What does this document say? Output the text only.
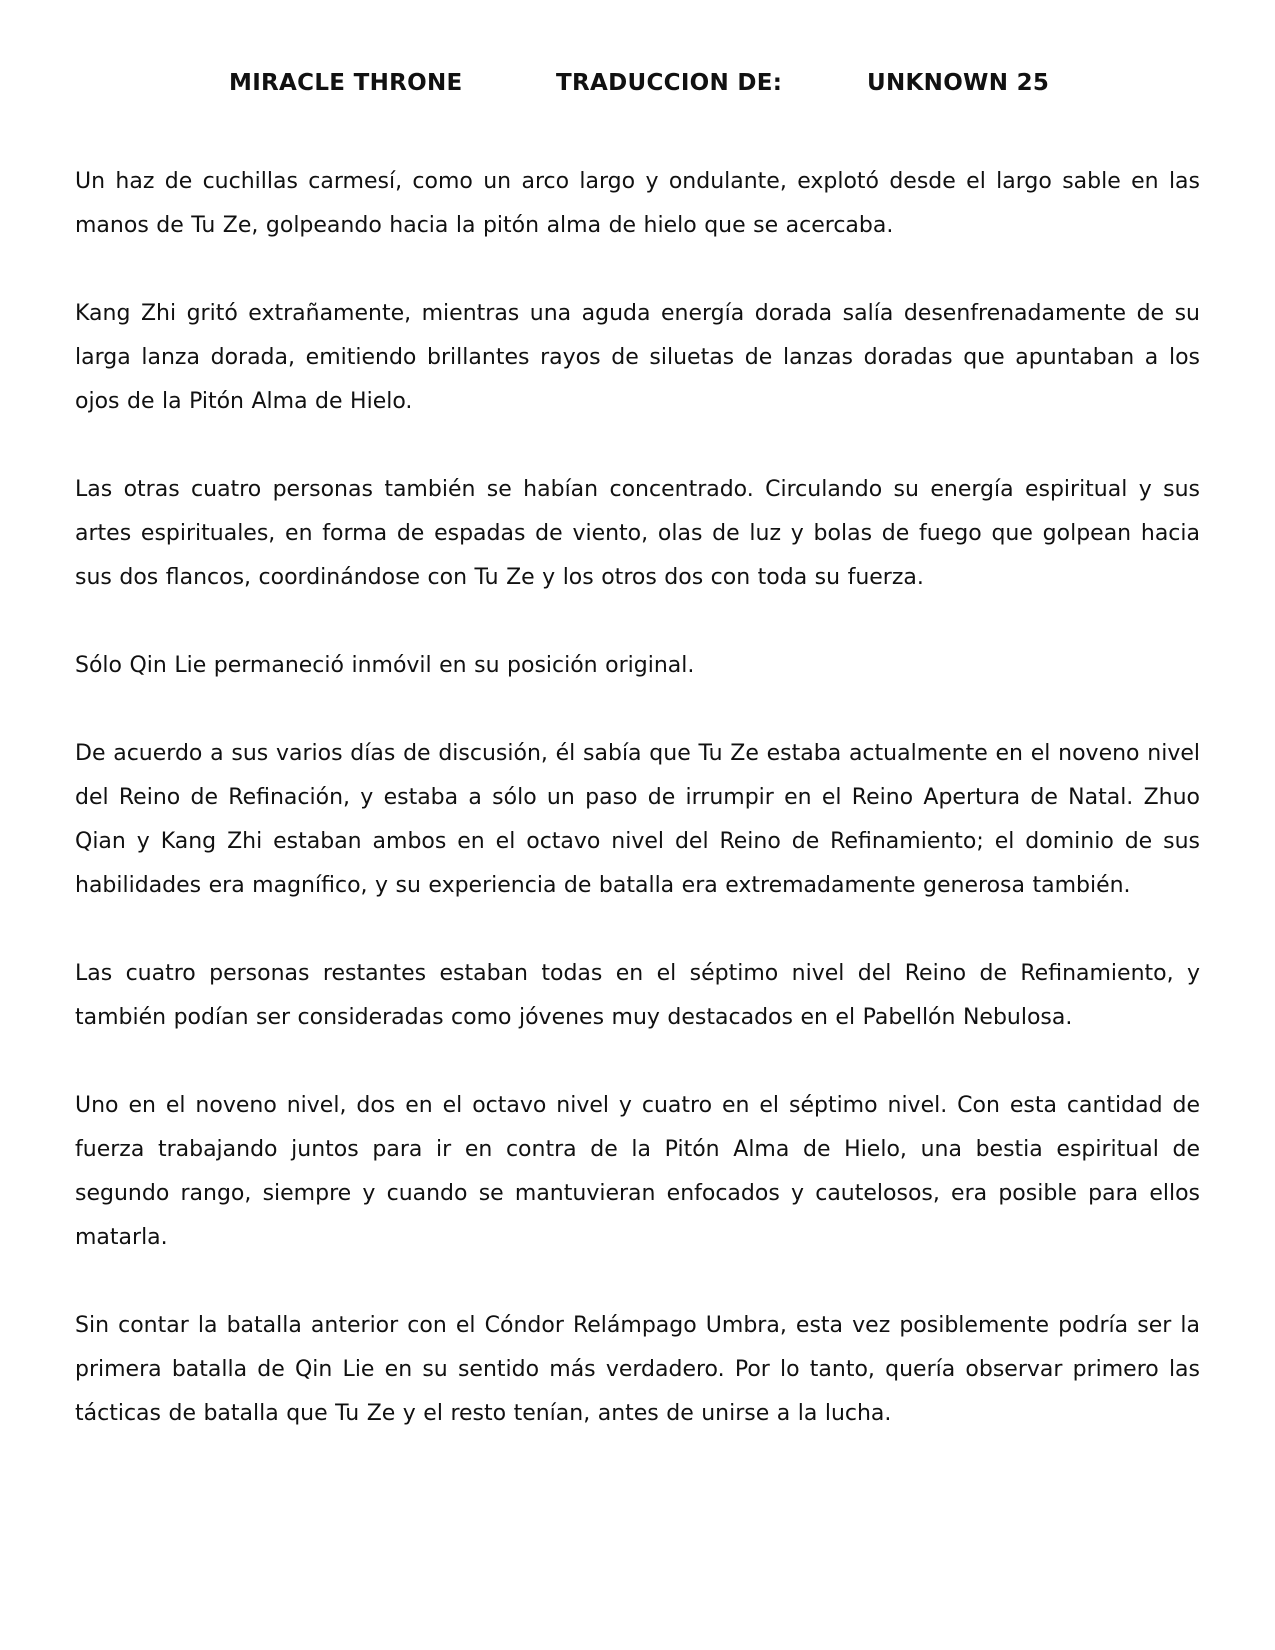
MIRACLE THRONE	TRADUCCION DE:	UNKNOWN 25

Un haz de cuchillas carmesí, como un arco largo y ondulante, explotó desde el largo sable en las manos de Tu Ze, golpeando hacia la pitón alma de hielo que se acercaba.

Kang Zhi gritó extrañamente, mientras una aguda energía dorada salía desenfrenadamente de su larga lanza dorada, emitiendo brillantes rayos de siluetas de lanzas doradas que apuntaban a los ojos de la Pitón Alma de Hielo.

Las otras cuatro personas también se habían concentrado. Circulando su energía espiritual y sus artes espirituales, en forma de espadas de viento, olas de luz y bolas de fuego que golpean hacia sus dos flancos, coordinándose con Tu Ze y los otros dos con toda su fuerza.

Sólo Qin Lie permaneció inmóvil en su posición original.

De acuerdo a sus varios días de discusión, él sabía que Tu Ze estaba actualmente en el noveno nivel del Reino de Refinación, y estaba a sólo un paso de irrumpir en el Reino Apertura de Natal. Zhuo Qian y Kang Zhi estaban ambos en el octavo nivel del Reino de Refinamiento; el dominio de sus habilidades era magnífico, y su experiencia de batalla era extremadamente generosa también.

Las cuatro personas restantes estaban todas en el séptimo nivel del Reino de Refinamiento, y también podían ser consideradas como jóvenes muy destacados en el Pabellón Nebulosa.

Uno en el noveno nivel, dos en el octavo nivel y cuatro en el séptimo nivel. Con esta cantidad de fuerza trabajando juntos para ir en contra de la Pitón Alma de Hielo, una bestia espiritual de segundo rango, siempre y cuando se mantuvieran enfocados y cautelosos, era posible para ellos matarla.

Sin contar la batalla anterior con el Cóndor Relámpago Umbra, esta vez posiblemente podría ser la primera batalla de Qin Lie en su sentido más verdadero. Por lo tanto, quería observar primero las tácticas de batalla que Tu Ze y el resto tenían, antes de unirse a la lucha.
